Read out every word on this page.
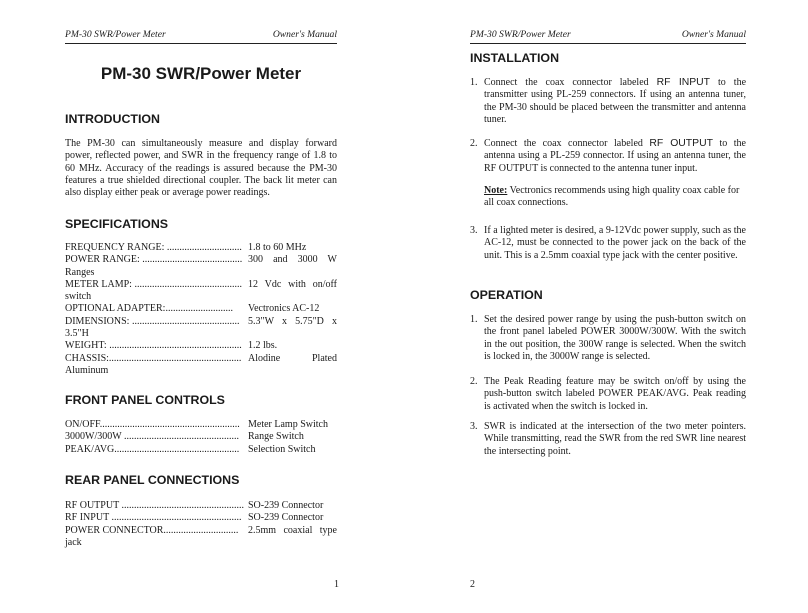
PM-30 SWR/Power Meter	Owner's Manual
PM-30 SWR/Power Meter
INTRODUCTION
The PM-30 can simultaneously measure and display forward power, reflected power, and SWR in the frequency range of 1.8 to 60 MHz. Accuracy of the readings is assured because the PM-30 features a true shielded directional coupler. The back lit meter can also display either peak or average power readings.
SPECIFICATIONS
FREQUENCY RANGE: .............................. 1.8 to 60 MHz
POWER RANGE: ........................................ 300 and 3000 W
Ranges
METER LAMP: ........................................... 12 Vdc with on/off
switch
OPTIONAL ADAPTER:...........................	Vectronics AC-12
DIMENSIONS: ........................................... 5.3"W x 5.75"D x
3.5"H
WEIGHT: ..................................................... 1.2 lbs.
CHASSIS:..................................................... Alodine Plated
Aluminum
FRONT PANEL CONTROLS
ON/OFF........................................................ Meter Lamp Switch
3000W/300W .............................................. Range Switch
PEAK/AVG.................................................. Selection Switch
REAR PANEL CONNECTIONS
RF OUTPUT ................................................. SO-239 Connector
RF INPUT .................................................... SO-239 Connector
POWER CONNECTOR.............................. 2.5mm coaxial type
jack
1
PM-30 SWR/Power Meter	Owner's Manual
INSTALLATION
1. Connect the coax connector labeled RF INPUT to the transmitter using PL-259 connectors. If using an antenna tuner, the PM-30 should be placed between the transmitter and antenna tuner.
2. Connect the coax connector labeled RF OUTPUT to the antenna using a PL-259 connector. If using an antenna tuner, the RF OUTPUT is connected to the antenna tuner input.
Note: Vectronics recommends using high quality coax cable for all coax connections.
3. If a lighted meter is desired, a 9-12Vdc power supply, such as the AC-12, must be connected to the power jack on the back of the unit. This is a 2.5mm coaxial type jack with the center positive.
OPERATION
1. Set the desired power range by using the push-button switch on the front panel labeled POWER 3000W/300W. With the switch in the out position, the 300W range is selected. When the switch is locked in, the 3000W range is selected.
2. The Peak Reading feature may be switch on/off by using the push-button switch labeled POWER PEAK/AVG. Peak reading is activated when the switch is locked in.
3. SWR is indicated at the intersection of the two meter pointers. While transmitting, read the SWR from the red SWR line nearest the intersecting point.
2
